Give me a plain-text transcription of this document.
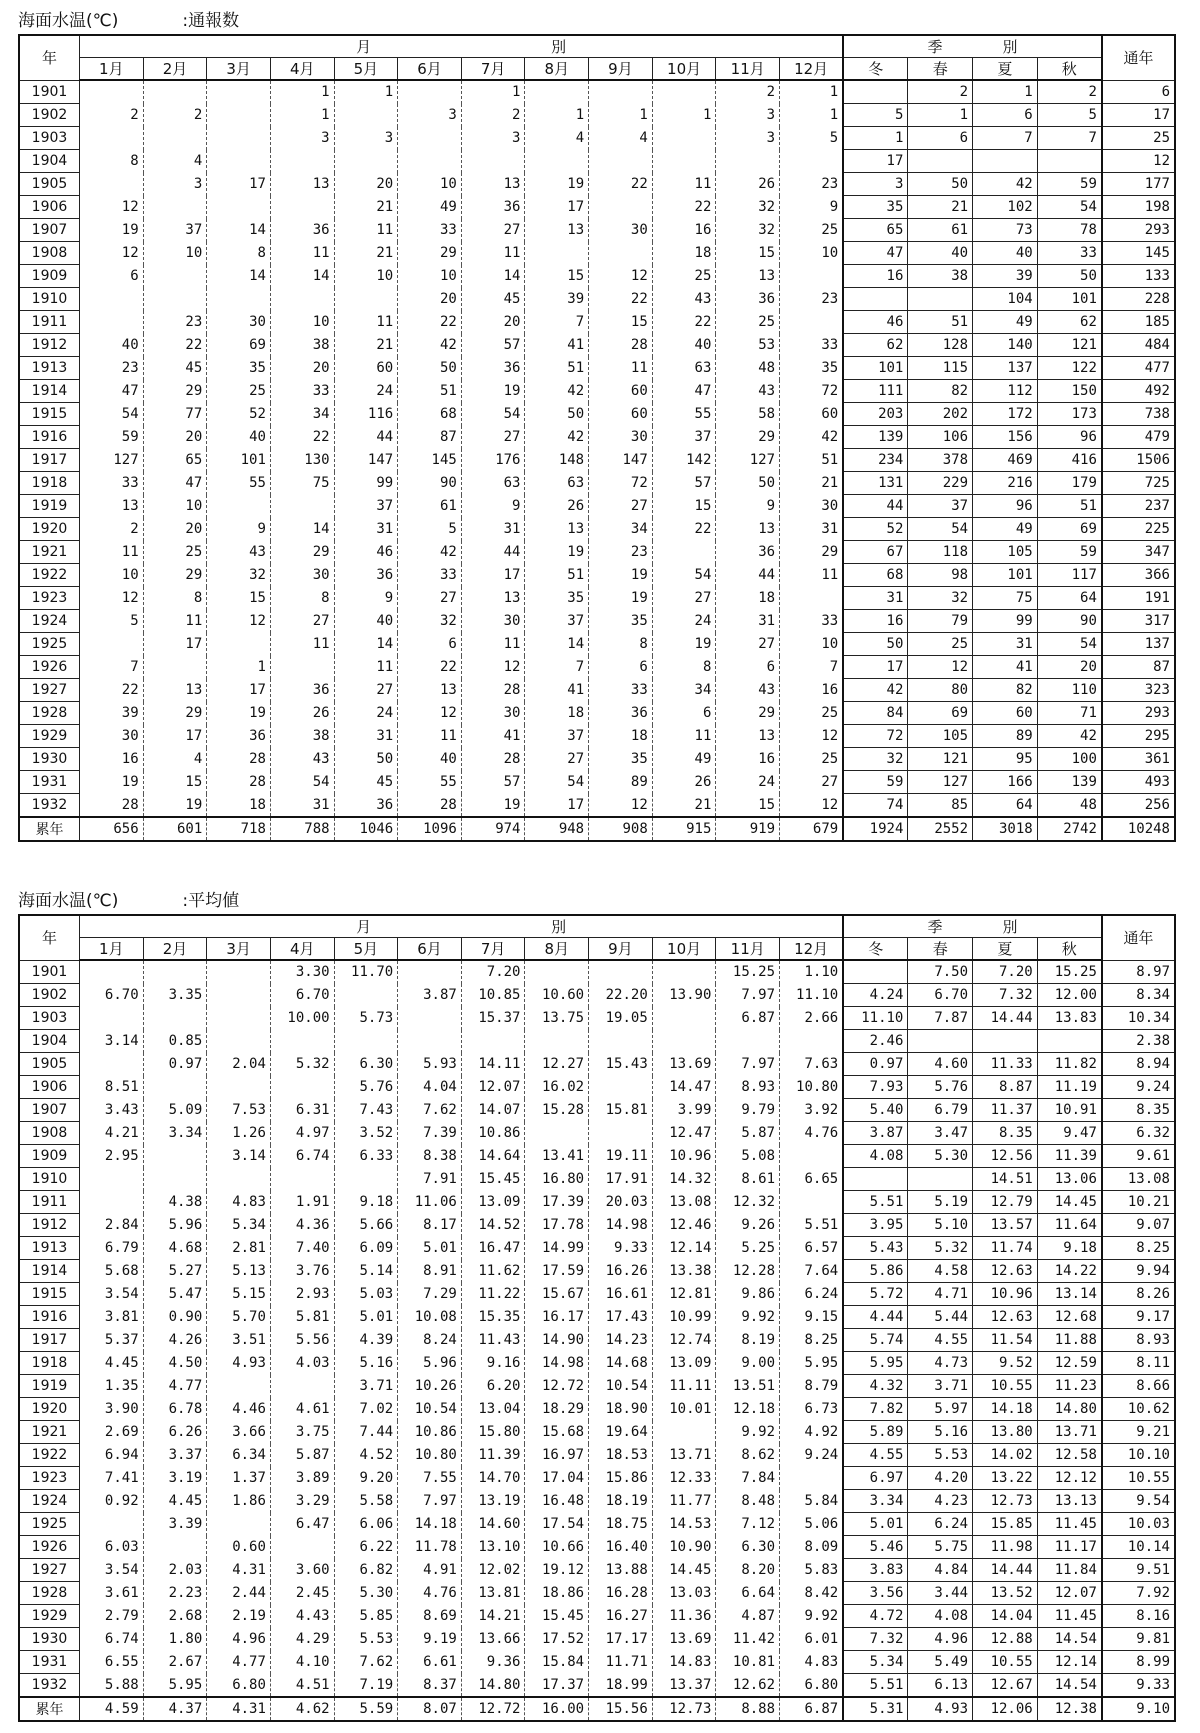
海面水温(℃)	:通報数
年	月　　　　　　　　　　　　別												季　　　　別				通年
	1月	2月	3月	4月	5月	6月	7月	8月	9月	10月	11月	12月	冬	春	夏	秋	
1901				1	1		1				2	1		2	1	2	6
1902	2	2		1		3	2	1	1	1	3	1	5	1	6	5	17
1903				3	3		3	4	4		3	5	1	6	7	7	25
1904	8	4											17				12
1905		3	17	13	20	10	13	19	22	11	26	23	3	50	42	59	177
1906	12				21	49	36	17		22	32	9	35	21	102	54	198
1907	19	37	14	36	11	33	27	13	30	16	32	25	65	61	73	78	293
1908	12	10	8	11	21	29	11			18	15	10	47	40	40	33	145
1909	6		14	14	10	10	14	15	12	25	13		16	38	39	50	133
1910						20	45	39	22	43	36	23			104	101	228
1911		23	30	10	11	22	20	7	15	22	25		46	51	49	62	185
1912	40	22	69	38	21	42	57	41	28	40	53	33	62	128	140	121	484
1913	23	45	35	20	60	50	36	51	11	63	48	35	101	115	137	122	477
1914	47	29	25	33	24	51	19	42	60	47	43	72	111	82	112	150	492
1915	54	77	52	34	116	68	54	50	60	55	58	60	203	202	172	173	738
1916	59	20	40	22	44	87	27	42	30	37	29	42	139	106	156	96	479
1917	127	65	101	130	147	145	176	148	147	142	127	51	234	378	469	416	1506
1918	33	47	55	75	99	90	63	63	72	57	50	21	131	229	216	179	725
1919	13	10			37	61	9	26	27	15	9	30	44	37	96	51	237
1920	2	20	9	14	31	5	31	13	34	22	13	31	52	54	49	69	225
1921	11	25	43	29	46	42	44	19	23		36	29	67	118	105	59	347
1922	10	29	32	30	36	33	17	51	19	54	44	11	68	98	101	117	366
1923	12	8	15	8	9	27	13	35	19	27	18		31	32	75	64	191
1924	5	11	12	27	40	32	30	37	35	24	31	33	16	79	99	90	317
1925		17		11	14	6	11	14	8	19	27	10	50	25	31	54	137
1926	7		1		11	22	12	7	6	8	6	7	17	12	41	20	87
1927	22	13	17	36	27	13	28	41	33	34	43	16	42	80	82	110	323
1928	39	29	19	26	24	12	30	18	36	6	29	25	84	69	60	71	293
1929	30	17	36	38	31	11	41	37	18	11	13	12	72	105	89	42	295
1930	16	4	28	43	50	40	28	27	35	49	16	25	32	121	95	100	361
1931	19	15	28	54	45	55	57	54	89	26	24	27	59	127	166	139	493
1932	28	19	18	31	36	28	19	17	12	21	15	12	74	85	64	48	256
累年	656	601	718	788	1046	1096	974	948	908	915	919	679	1924	2552	3018	2742	10248
海面水温(℃)	:平均値
年	月　　　　　　　　　　　　別												季　　　　別				通年
	1月	2月	3月	4月	5月	6月	7月	8月	9月	10月	11月	12月	冬	春	夏	秋	
1901				3.30	11.70		7.20				15.25	1.10		7.50	7.20	15.25	8.97
1902	6.70	3.35		6.70		3.87	10.85	10.60	22.20	13.90	7.97	11.10	4.24	6.70	7.32	12.00	8.34
1903				10.00	5.73		15.37	13.75	19.05		6.87	2.66	11.10	7.87	14.44	13.83	10.34
1904	3.14	0.85											2.46				2.38
1905		0.97	2.04	5.32	6.30	5.93	14.11	12.27	15.43	13.69	7.97	7.63	0.97	4.60	11.33	11.82	8.94
1906	8.51				5.76	4.04	12.07	16.02		14.47	8.93	10.80	7.93	5.76	8.87	11.19	9.24
1907	3.43	5.09	7.53	6.31	7.43	7.62	14.07	15.28	15.81	3.99	9.79	3.92	5.40	6.79	11.37	10.91	8.35
1908	4.21	3.34	1.26	4.97	3.52	7.39	10.86			12.47	5.87	4.76	3.87	3.47	8.35	9.47	6.32
1909	2.95		3.14	6.74	6.33	8.38	14.64	13.41	19.11	10.96	5.08		4.08	5.30	12.56	11.39	9.61
1910						7.91	15.45	16.80	17.91	14.32	8.61	6.65			14.51	13.06	13.08
1911		4.38	4.83	1.91	9.18	11.06	13.09	17.39	20.03	13.08	12.32		5.51	5.19	12.79	14.45	10.21
1912	2.84	5.96	5.34	4.36	5.66	8.17	14.52	17.78	14.98	12.46	9.26	5.51	3.95	5.10	13.57	11.64	9.07
1913	6.79	4.68	2.81	7.40	6.09	5.01	16.47	14.99	9.33	12.14	5.25	6.57	5.43	5.32	11.74	9.18	8.25
1914	5.68	5.27	5.13	3.76	5.14	8.91	11.62	17.59	16.26	13.38	12.28	7.64	5.86	4.58	12.63	14.22	9.94
1915	3.54	5.47	5.15	2.93	5.03	7.29	11.22	15.67	16.61	12.81	9.86	6.24	5.72	4.71	10.96	13.14	8.26
1916	3.81	0.90	5.70	5.81	5.01	10.08	15.35	16.17	17.43	10.99	9.92	9.15	4.44	5.44	12.63	12.68	9.17
1917	5.37	4.26	3.51	5.56	4.39	8.24	11.43	14.90	14.23	12.74	8.19	8.25	5.74	4.55	11.54	11.88	8.93
1918	4.45	4.50	4.93	4.03	5.16	5.96	9.16	14.98	14.68	13.09	9.00	5.95	5.95	4.73	9.52	12.59	8.11
1919	1.35	4.77			3.71	10.26	6.20	12.72	10.54	11.11	13.51	8.79	4.32	3.71	10.55	11.23	8.66
1920	3.90	6.78	4.46	4.61	7.02	10.54	13.04	18.29	18.90	10.01	12.18	6.73	7.82	5.97	14.18	14.80	10.62
1921	2.69	6.26	3.66	3.75	7.44	10.86	15.80	15.68	19.64		9.92	4.92	5.89	5.16	13.80	13.71	9.21
1922	6.94	3.37	6.34	5.87	4.52	10.80	11.39	16.97	18.53	13.71	8.62	9.24	4.55	5.53	14.02	12.58	10.10
1923	7.41	3.19	1.37	3.89	9.20	7.55	14.70	17.04	15.86	12.33	7.84		6.97	4.20	13.22	12.12	10.55
1924	0.92	4.45	1.86	3.29	5.58	7.97	13.19	16.48	18.19	11.77	8.48	5.84	3.34	4.23	12.73	13.13	9.54
1925		3.39		6.47	6.06	14.18	14.60	17.54	18.75	14.53	7.12	5.06	5.01	6.24	15.85	11.45	10.03
1926	6.03		0.60		6.22	11.78	13.10	10.66	16.40	10.90	6.30	8.09	5.46	5.75	11.98	11.17	10.14
1927	3.54	2.03	4.31	3.60	6.82	4.91	12.02	19.12	13.88	14.45	8.20	5.83	3.83	4.84	14.44	11.84	9.51
1928	3.61	2.23	2.44	2.45	5.30	4.76	13.81	18.86	16.28	13.03	6.64	8.42	3.56	3.44	13.52	12.07	7.92
1929	2.79	2.68	2.19	4.43	5.85	8.69	14.21	15.45	16.27	11.36	4.87	9.92	4.72	4.08	14.04	11.45	8.16
1930	6.74	1.80	4.96	4.29	5.53	9.19	13.66	17.52	17.17	13.69	11.42	6.01	7.32	4.96	12.88	14.54	9.81
1931	6.55	2.67	4.77	4.10	7.62	6.61	9.36	15.84	11.71	14.83	10.81	4.83	5.34	5.49	10.55	12.14	8.99
1932	5.88	5.95	6.80	4.51	7.19	8.37	14.80	17.37	18.99	13.37	12.62	6.80	5.51	6.13	12.67	14.54	9.33
累年	4.59	4.37	4.31	4.62	5.59	8.07	12.72	16.00	15.56	12.73	8.88	6.87	5.31	4.93	12.06	12.38	9.10
